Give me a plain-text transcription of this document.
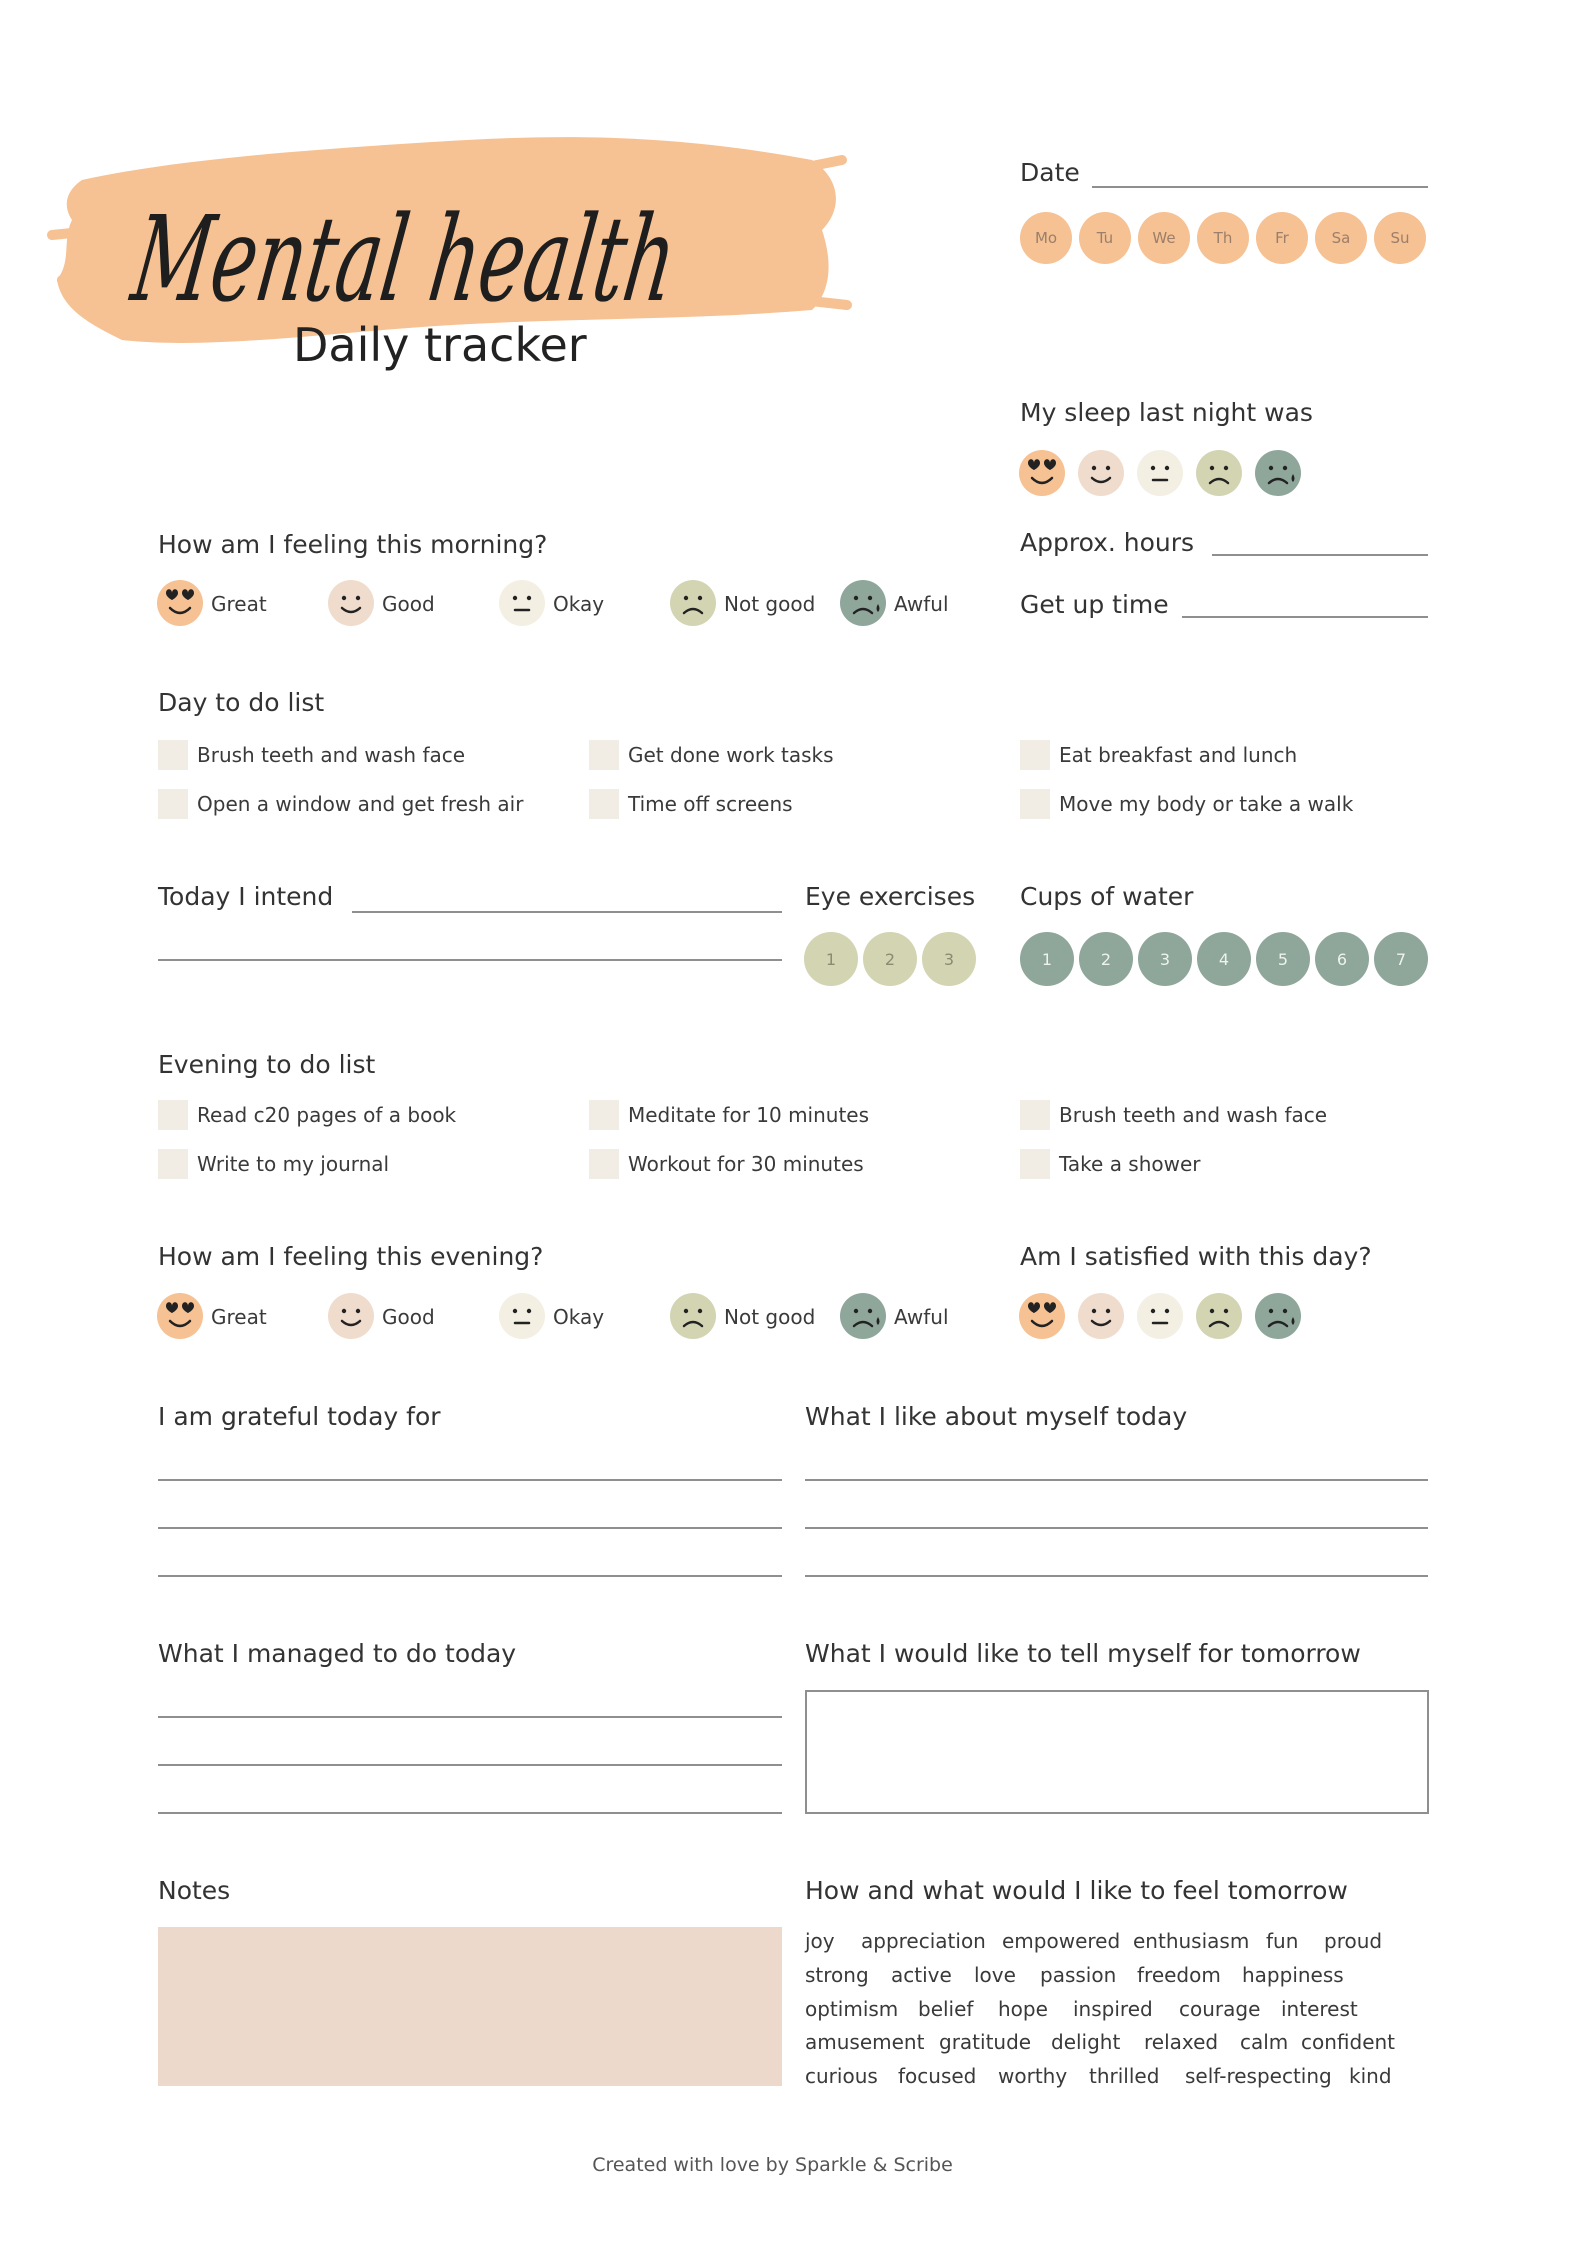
Mental health
Daily tracker
Date
Mo	Tu	We	Th	Fr	Sa	Su
My sleep last night was
Approx. hours
Get up time
How am I feeling this morning?
Great	Good	Okay	Not good	Awful
Day to do list
Brush teeth and wash face	Get done work tasks	Eat breakfast and lunch
Open a window and get fresh air	Time off screens	Move my body or take a walk
Today I intend	Eye exercises
1	2	3
Cups of water
1	2	3	4	5	6	7
Evening to do list
Read c20 pages of a book	Meditate for 10 minutes	Brush teeth and wash face
Write to my journal	Workout for 30 minutes	Take a shower
How am I feeling this evening?
Great	Good	Okay	Not good	Awful
Am I satisfied with this day?
I am grateful today for	What I like about myself today
What I managed to do today	What I would like to tell myself for tomorrow
Notes	How and what would I like to feel tomorrow
joy appreciation empowered enthusiasm fun proud
strong active love passion freedom happiness
optimism belief hope inspired courage interest
amusement gratitude delight relaxed calm confident
curious focused worthy thrilled self-respecting kind
Created with love by Sparkle & Scribe
